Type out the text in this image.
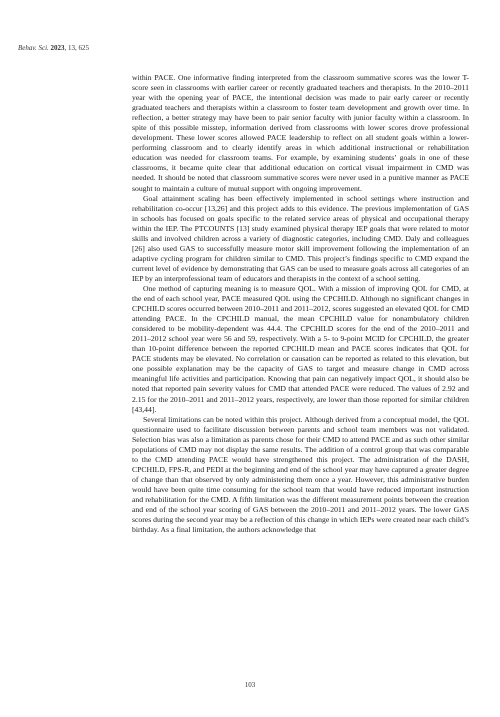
Behav. Sci. 2023, 13, 625

within PACE. One informative finding interpreted from the classroom summative scores was the lower T-score seen in classrooms with earlier career or recently graduated teachers and therapists. In the 2010–2011 year with the opening year of PACE, the intentional decision was made to pair early career or recently graduated teachers and therapists within a classroom to foster team development and growth over time. In reflection, a better strategy may have been to pair senior faculty with junior faculty within a classroom. In spite of this possible misstep, information derived from classrooms with lower scores drove professional development. These lower scores allowed PACE leadership to reflect on all student goals within a lower-performing classroom and to clearly identify areas in which additional instructional or rehabilitation education was needed for classroom teams. For example, by examining students’ goals in one of these classrooms, it became quite clear that additional education on cortical visual impairment in CMD was needed. It should be noted that classroom summative scores were never used in a punitive manner as PACE sought to maintain a culture of mutual support with ongoing improvement.

Goal attainment scaling has been effectively implemented in school settings where instruction and rehabilitation co-occur [13,26] and this project adds to this evidence. The previous implementation of GAS in schools has focused on goals specific to the related service areas of physical and occupational therapy within the IEP. The PTCOUNTS [13] study examined physical therapy IEP goals that were related to motor skills and involved children across a variety of diagnostic categories, including CMD. Daly and colleagues [26] also used GAS to successfully measure motor skill improvement following the implementation of an adaptive cycling program for children similar to CMD. This project’s findings specific to CMD expand the current level of evidence by demonstrating that GAS can be used to measure goals across all categories of an IEP by an interprofessional team of educators and therapists in the context of a school setting.

One method of capturing meaning is to measure QOL. With a mission of improving QOL for CMD, at the end of each school year, PACE measured QOL using the CPCHILD. Although no significant changes in CPCHILD scores occurred between 2010–2011 and 2011–2012, scores suggested an elevated QOL for CMD attending PACE. In the CPCHILD manual, the mean CPCHILD value for nonambulatory children considered to be mobility-dependent was 44.4. The CPCHILD scores for the end of the 2010–2011 and 2011–2012 school year were 56 and 59, respectively. With a 5- to 9-point MCID for CPCHILD, the greater than 10-point difference between the reported CPCHILD mean and PACE scores indicates that QOL for PACE students may be elevated. No correlation or causation can be reported as related to this elevation, but one possible explanation may be the capacity of GAS to target and measure change in CMD across meaningful life activities and participation. Knowing that pain can negatively impact QOL, it should also be noted that reported pain severity values for CMD that attended PACE were reduced. The values of 2.92 and 2.15 for the 2010–2011 and 2011–2012 years, respectively, are lower than those reported for similar children [43,44].

Several limitations can be noted within this project. Although derived from a conceptual model, the QOL questionnaire used to facilitate discussion between parents and school team members was not validated. Selection bias was also a limitation as parents chose for their CMD to attend PACE and as such other similar populations of CMD may not display the same results. The addition of a control group that was comparable to the CMD attending PACE would have strengthened this project. The administration of the DASH, CPCHILD, FPS-R, and PEDI at the beginning and end of the school year may have captured a greater degree of change than that observed by only administering them once a year. However, this administrative burden would have been quite time consuming for the school team that would have reduced important instruction and rehabilitation for the CMD. A fifth limitation was the different measurement points between the creation and end of the school year scoring of GAS between the 2010–2011 and 2011–2012 years. The lower GAS scores during the second year may be a reflection of this change in which IEPs were created near each child’s birthday. As a final limitation, the authors acknowledge that

103
